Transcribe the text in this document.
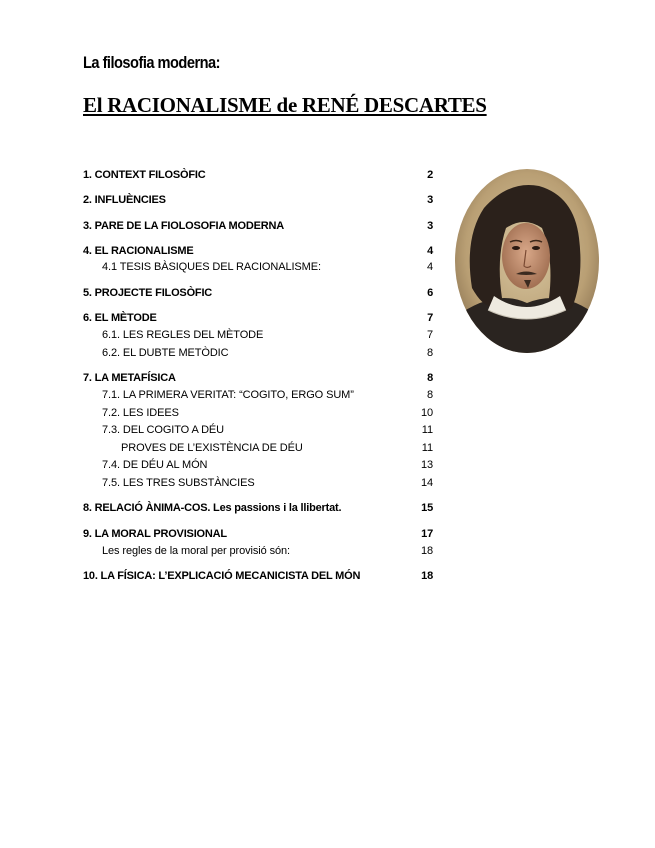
La filosofia moderna:
El RACIONALISME de RENÉ DESCARTES
1. CONTEXT FILOSÒFIC	2
2. INFLUÈNCIES	3
3. PARE DE LA FIOLOSOFIA MODERNA	3
4. EL RACIONALISME	4
4.1 TESIS BÀSIQUES DEL RACIONALISME:	4
5. PROJECTE FILOSÒFIC	6
6. EL MÈTODE	7
6.1. LES REGLES DEL MÈTODE	7
6.2. EL DUBTE METÒDIC	8
7. LA METAFÍSICA	8
7.1. LA PRIMERA VERITAT: “COGITO, ERGO SUM”	8
7.2. LES IDEES	10
7.3. DEL COGITO A DÉU	11
PROVES DE L’EXISTÈNCIA DE DÉU	11
7.4. DE DÉU AL MÓN	13
7.5. LES TRES SUBSTÀNCIES	14
8. RELACIÓ ÀNIMA-COS. Les passions i la llibertat.	15
9. LA MORAL PROVISIONAL	17
Les regles de la moral per provisió són:	18
10. LA FÍSICA: L’EXPLICACIÓ MECANICISTA DEL MÓN	18
